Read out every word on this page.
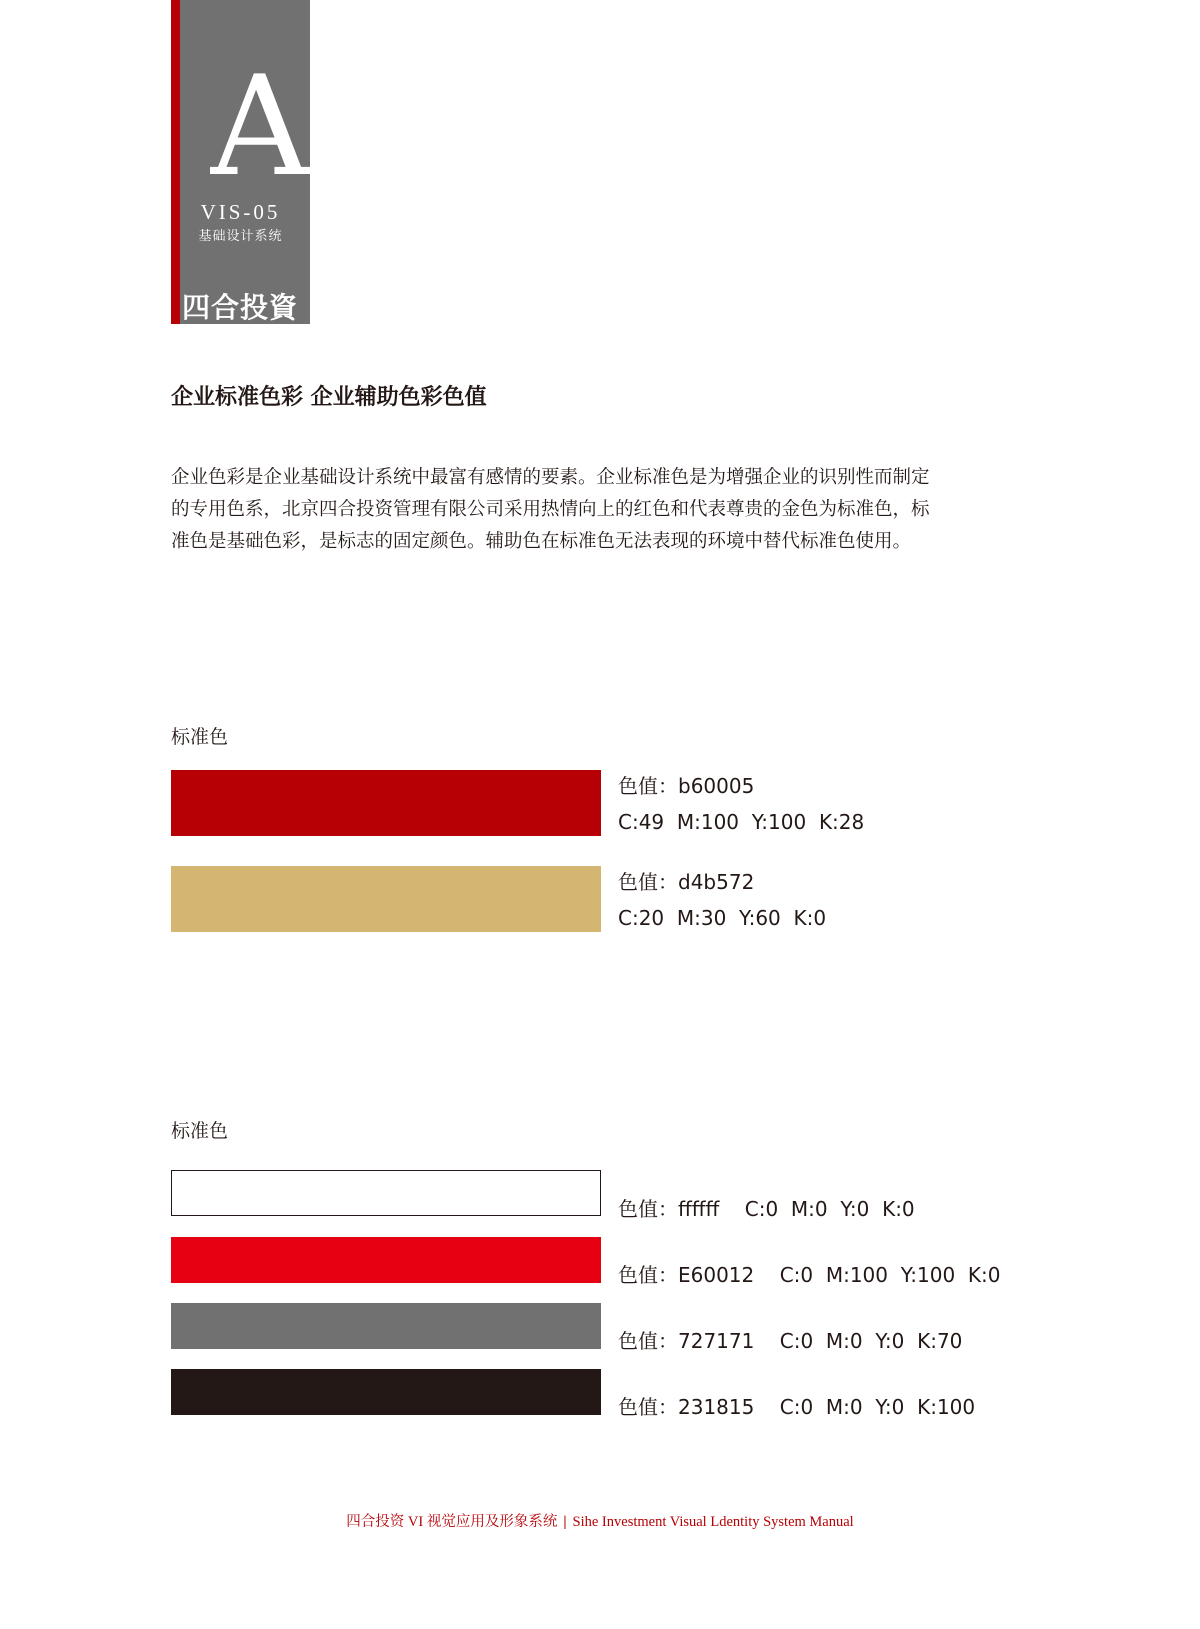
A
VIS-05
基础设计系统
四合投資
企业标准色彩 企业辅助色彩色值
企业色彩是企业基础设计系统中最富有感情的要素。企业标准色是为增强企业的识别性而制定
的专用色系，北京四合投资管理有限公司采用热情向上的红色和代表尊贵的金色为标准色，标
准色是基础色彩，是标志的固定颜色。辅助色在标准色无法表现的环境中替代标准色使用。
标准色
色值：b60005
C:49  M:100  Y:100  K:28
色值：d4b572
C:20  M:30  Y:60  K:0
标准色
色值：ffffff    C:0  M:0  Y:0  K:0
色值：E60012    C:0  M:100  Y:100  K:0
色值：727171    C:0  M:0  Y:0  K:70
色值：231815    C:0  M:0  Y:0  K:100
四合投资 VI 视觉应用及形象系统 | Sihe Investment Visual Ldentity System Manual
